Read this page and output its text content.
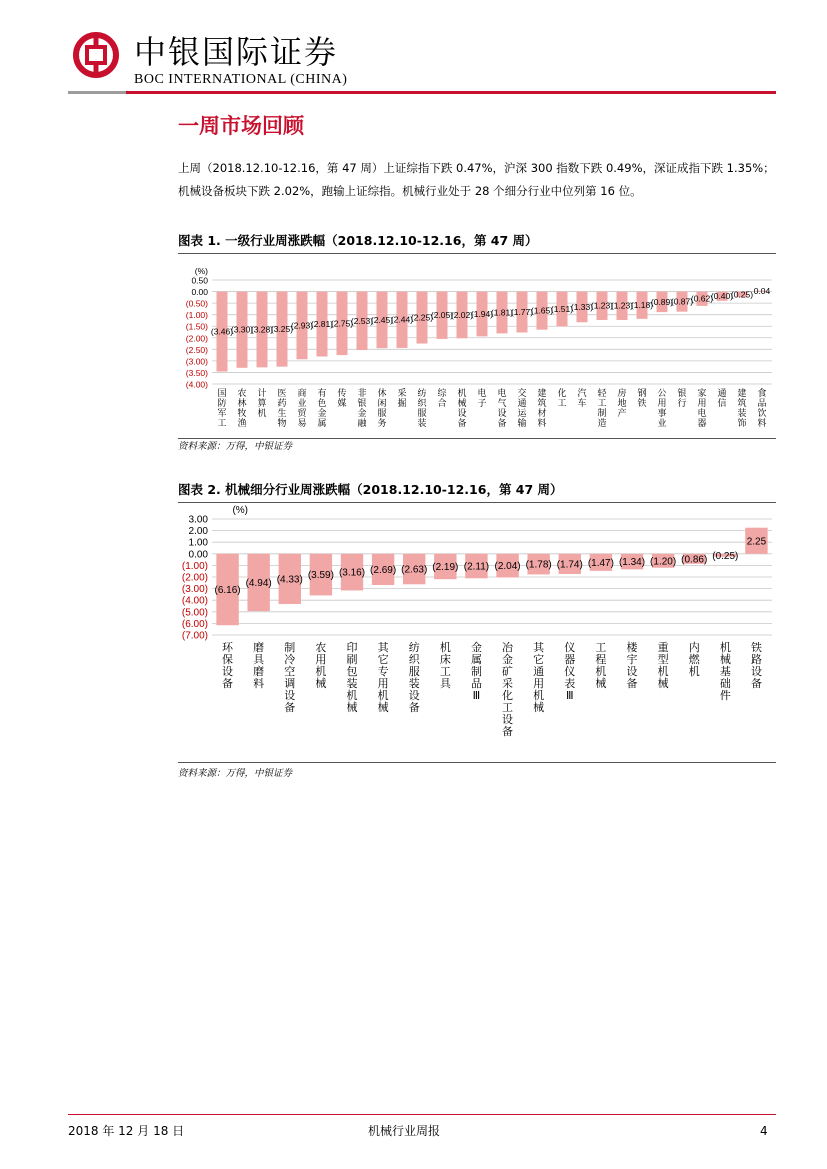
中银国际证券
BOC INTERNATIONAL (CHINA)
一周市场回顾
上周（2018.12.10-12.16，第 47 周）上证综指下跌 0.47%，沪深 300 指数下跌 0.49%，深证成指下跌 1.35%；
机械设备板块下跌 2.02%，跑输上证综指。机械行业处于 28 个细分行业中位列第 16 位。
图表 1. 一级行业周涨跌幅（2018.12.10-12.16，第 47 周）
0.50
0.00
(0.50)
(1.00)
(1.50)
(2.00)
(2.50)
(3.00)
(3.50)
(4.00)
(%)
(3.46)
国防军工
(3.30)
农林牧渔
(3.28)
计算机
(3.25)
医药生物
(2.93)
商业贸易
(2.81)
有色金属
(2.75)
传媒
(2.53)
非银金融
(2.45)
休闲服务
(2.44)
采掘
(2.25)
纺织服装
(2.05)
综合
(2.02)
机械设备
(1.94)
电子
(1.81)
电气设备
(1.77)
交通运输
(1.65)
建筑材料
(1.51)
化工
(1.33)
汽车
(1.23)
轻工制造
(1.23)
房地产
(1.18)
钢铁
(0.89)
公用事业
(0.87)
银行
(0.62)
家用电器
(0.40)
通信
(0.25)
建筑装饰
0.04
食品饮料
资料来源：万得，中银证券
图表 2. 机械细分行业周涨跌幅（2018.12.10-12.16，第 47 周）
3.00
2.00
1.00
0.00
(1.00)
(2.00)
(3.00)
(4.00)
(5.00)
(6.00)
(7.00)
(%)
(6.16)
环保设备
(4.94)
磨具磨料
(4.33)
制冷空调设备
(3.59)
农用机械
(3.16)
印刷包装机械
(2.69)
其它专用机械
(2.63)
纺织服装设备
(2.19)
机床工具
(2.11)
金属制品 Ⅲ
(2.04)
冶金矿采化工设备
(1.78)
其它通用机械
(1.74)
仪器仪表 Ⅲ
(1.47)
工程机械
(1.34)
楼宇设备
(1.20)
重型机械
(0.86)
内燃机
(0.25)
机械基础件
2.25
铁路设备
资料来源：万得，中银证券
2018 年 12 月 18 日	机械行业周报	4
